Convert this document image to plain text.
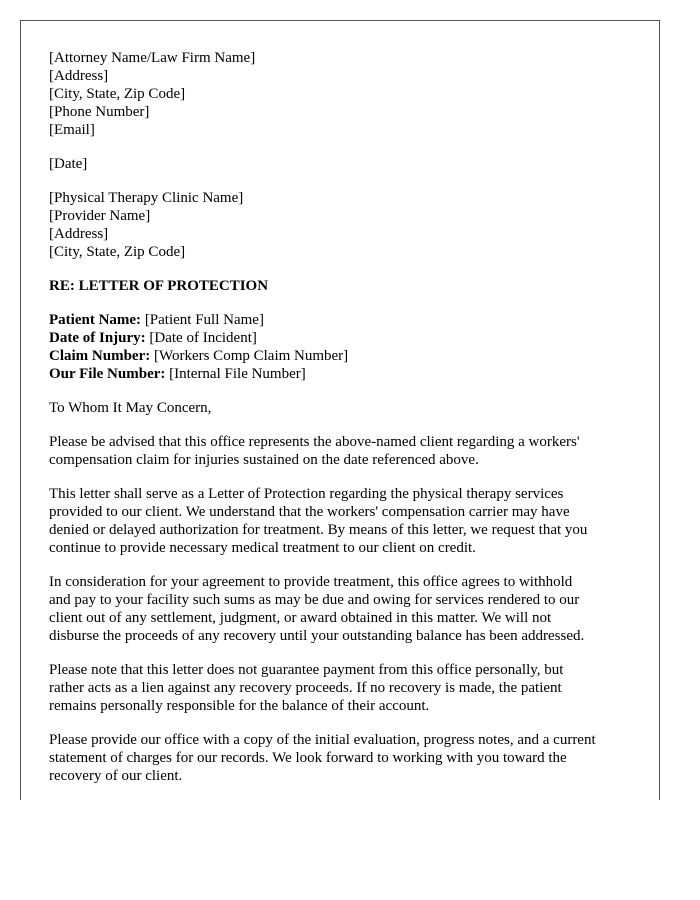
[Attorney Name/Law Firm Name]
[Address]
[City, State, Zip Code]
[Phone Number]
[Email]
[Date]
[Physical Therapy Clinic Name]
[Provider Name]
[Address]
[City, State, Zip Code]
RE: LETTER OF PROTECTION
Patient Name: [Patient Full Name]
Date of Injury: [Date of Incident]
Claim Number: [Workers Comp Claim Number]
Our File Number: [Internal File Number]
To Whom It May Concern,
Please be advised that this office represents the above-named client regarding a workers'
compensation claim for injuries sustained on the date referenced above.
This letter shall serve as a Letter of Protection regarding the physical therapy services
provided to our client. We understand that the workers' compensation carrier may have
denied or delayed authorization for treatment. By means of this letter, we request that you
continue to provide necessary medical treatment to our client on credit.
In consideration for your agreement to provide treatment, this office agrees to withhold
and pay to your facility such sums as may be due and owing for services rendered to our
client out of any settlement, judgment, or award obtained in this matter. We will not
disburse the proceeds of any recovery until your outstanding balance has been addressed.
Please note that this letter does not guarantee payment from this office personally, but
rather acts as a lien against any recovery proceeds. If no recovery is made, the patient
remains personally responsible for the balance of their account.
Please provide our office with a copy of the initial evaluation, progress notes, and a current
statement of charges for our records. We look forward to working with you toward the
recovery of our client.
